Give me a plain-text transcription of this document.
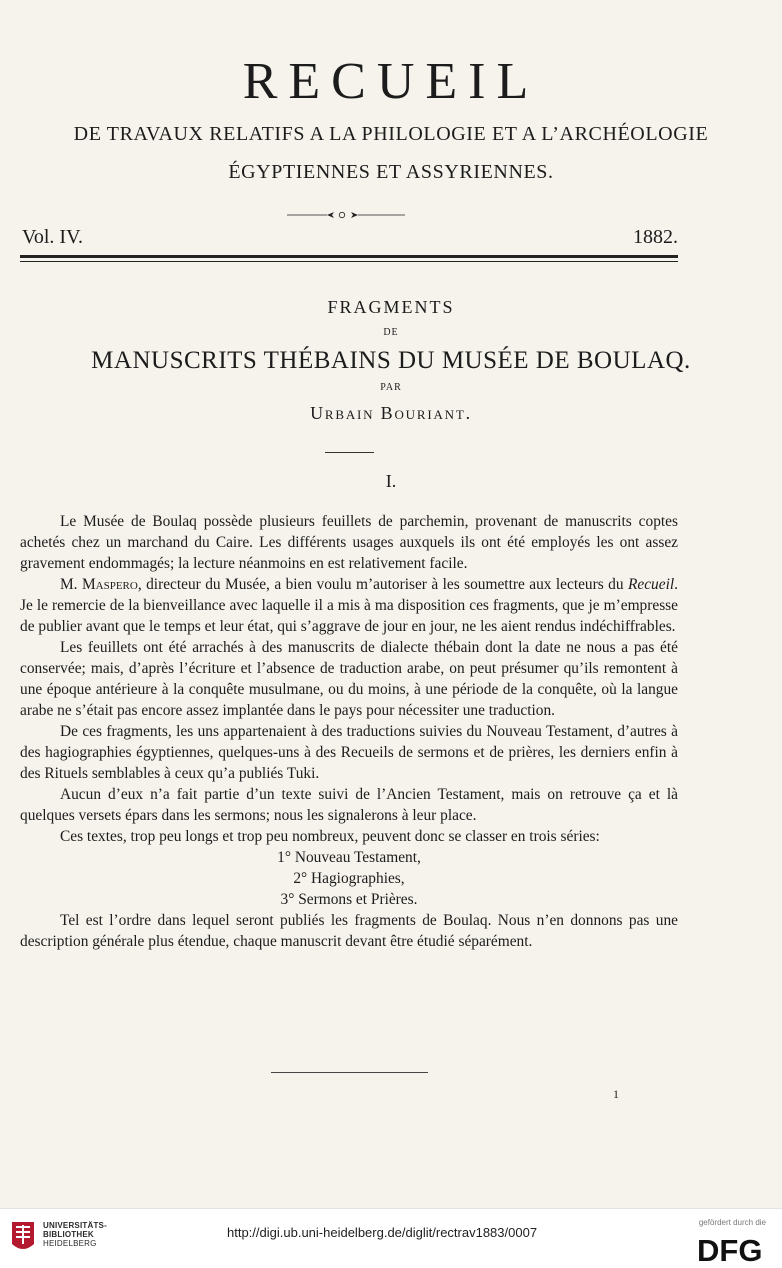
RECUEIL
DE TRAVAUX RELATIFS A LA PHILOLOGIE ET A L’ARCHÉOLOGIE
ÉGYPTIENNES ET ASSYRIENNES.
Vol. IV.	1882.
FRAGMENTS
DE
MANUSCRITS THÉBAINS DU MUSÉE DE BOULAQ.
PAR
Urbain Bouriant.
I.

Le Musée de Boulaq possède plusieurs feuillets de parchemin, provenant de manuscrits coptes achetés chez un marchand du Caire. Les différents usages auxquels ils ont été employés les ont assez gravement endommagés; la lecture néanmoins en est relativement facile.

M. Maspero, directeur du Musée, a bien voulu m’autoriser à les soumettre aux lecteurs du Recueil. Je le remercie de la bienveillance avec laquelle il a mis à ma disposition ces fragments, que je m’empresse de publier avant que le temps et leur état, qui s’aggrave de jour en jour, ne les aient rendus indéchiffrables.

Les feuillets ont été arrachés à des manuscrits de dialecte thébain dont la date ne nous a pas été conservée; mais, d’après l’écriture et l’absence de traduction arabe, on peut présumer qu’ils remontent à une époque antérieure à la conquête musulmane, ou du moins, à une période de la conquête, où la langue arabe ne s’était pas encore assez implantée dans le pays pour nécessiter une traduction.

De ces fragments, les uns appartenaient à des traductions suivies du Nouveau Testament, d’autres à des hagiographies égyptiennes, quelques-uns à des Recueils de sermons et de prières, les derniers enfin à des Rituels semblables à ceux qu’a publiés Tuki.

Aucun d’eux n’a fait partie d’un texte suivi de l’Ancien Testament, mais on retrouve ça et là quelques versets épars dans les sermons; nous les signalerons à leur place.

Ces textes, trop peu longs et trop peu nombreux, peuvent donc se classer en trois séries:

1° Nouveau Testament,
2° Hagiographies,
3° Sermons et Prières.

Tel est l’ordre dans lequel seront publiés les fragments de Boulaq. Nous n’en donnons pas une description générale plus étendue, chaque manuscrit devant être étudié séparément.

1
UNIVERSITÄTS-
BIBLIOTHEK
HEIDELBERG
http://digi.ub.uni-heidelberg.de/diglit/rectrav1883/0007
gefördert durch die
DFG
